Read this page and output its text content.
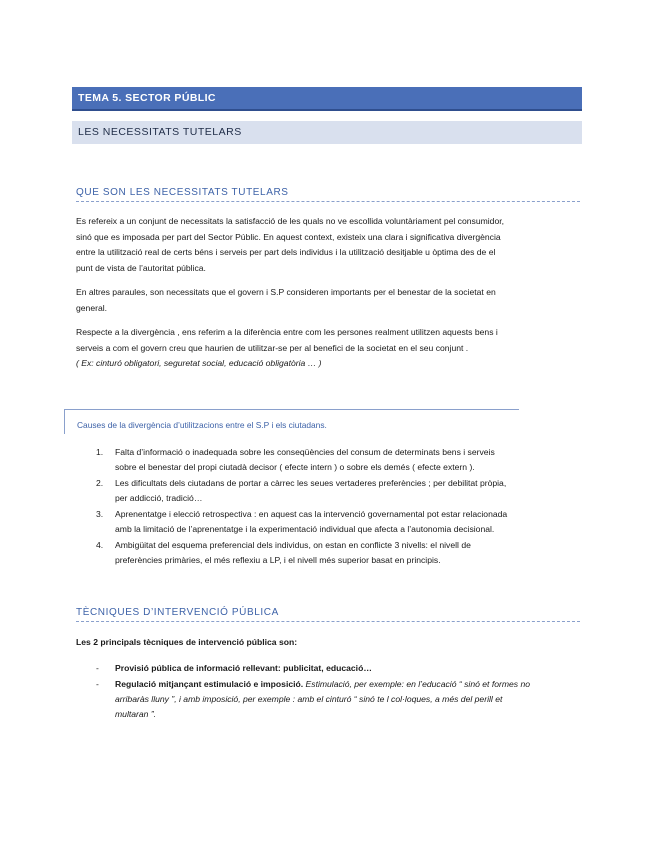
TEMA 5. SECTOR PÚBLIC
LES NECESSITATS TUTELARS
QUE SON LES NECESSITATS TUTELARS
Es refereix a un conjunt de necessitats la satisfacció de les quals no ve escollida voluntàriament pel consumidor,
sinó que es imposada per part del Sector Públic. En aquest context, existeix una clara i significativa divergència
entre la utilització real de certs béns i serveis per part dels individus i la utilització desitjable u òptima des de el
punt de vista de l’autoritat pública.
En altres paraules, son necessitats que el govern i S.P consideren importants per el benestar de la societat en
general.
Respecte a la divergència , ens referim a la diferència entre com les persones realment utilitzen aquests bens i
serveis a com el govern creu que haurien de utilitzar-se per al benefici de la societat en el seu conjunt .
( Ex: cinturó obligatori, seguretat social, educació obligatòria … )
Causes de la divergència d’utilitzacions entre el S.P i els ciutadans.
1. Falta d’informació o inadequada sobre les conseqüències del consum de determinats bens i serveis
sobre el benestar del propi ciutadà decisor ( efecte intern ) o sobre els demés ( efecte extern ).
2. Les dificultats dels ciutadans de portar a càrrec les seues vertaderes preferències ; per debilitat pròpia,
per addicció, tradició…
3. Aprenentatge i elecció retrospectiva : en aquest cas la intervenció governamental pot estar relacionada
amb la limitació de l’aprenentatge i la experimentació individual que afecta a l’autonomia decisional.
4. Ambigüitat del esquema preferencial dels individus, on estan en conflicte 3 nivells: el nivell de
preferències primàries, el més reflexiu a LP, i el nivell més superior basat en principis.
TÈCNIQUES D’INTERVENCIÓ PÚBLICA
Les 2 principals tècniques de intervenció pública son:
- Provisió pública de informació rellevant: publicitat, educació…
- Regulació mitjançant estimulació e imposició. Estimulació, per exemple: en l’educació “ sinó et formes no
arribaràs lluny ”, i amb imposició, per exemple : amb el cinturó “ sinó te l col·loques, a més del perill et
multaran ”.
